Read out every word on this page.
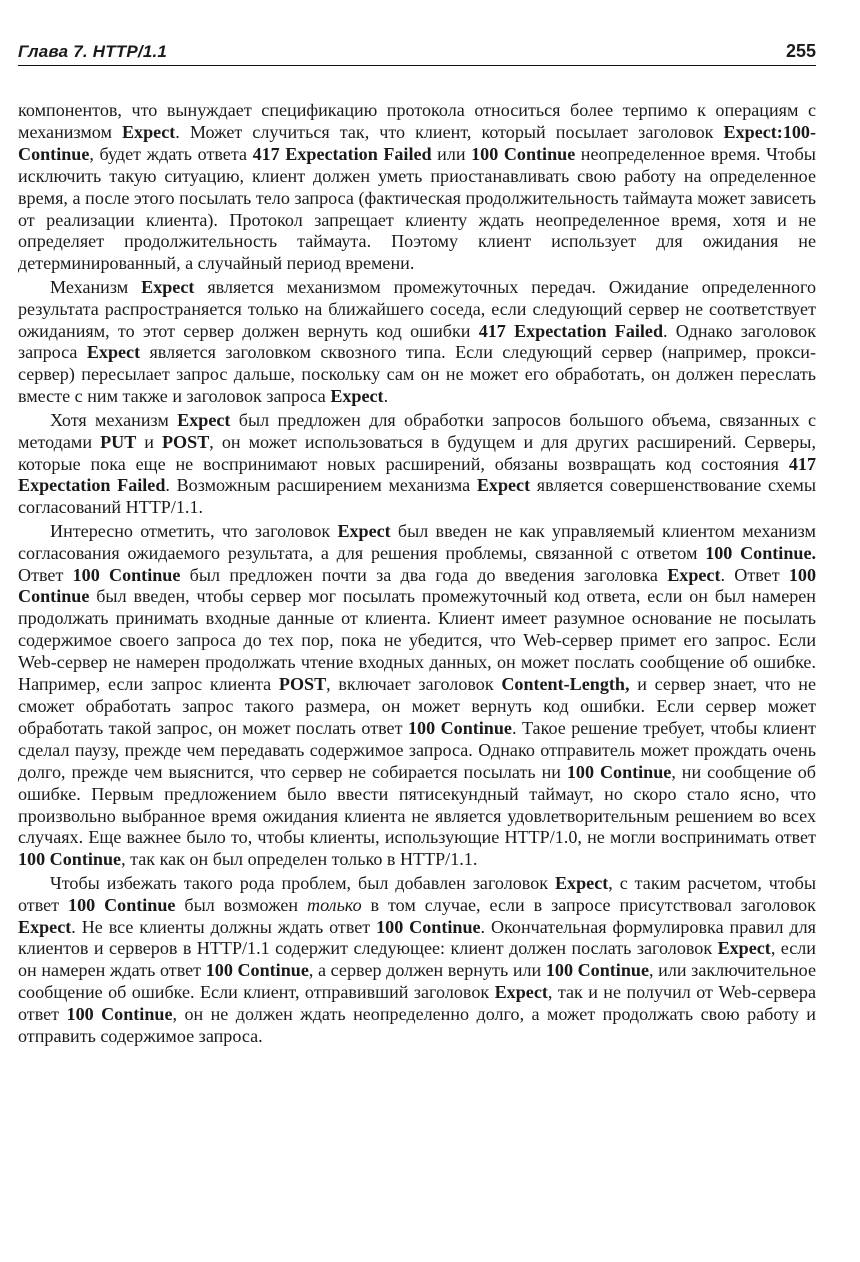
Глава 7. HTTP/1.1	255

компонентов, что вынуждает спецификацию протокола относиться более терпимо к операциям с механизмом Expect. Может случиться так, что клиент, который посылает заголовок Expect:100-Continue, будет ждать ответа 417 Expectation Failed или 100 Continue неопределенное время. Чтобы исключить такую ситуацию, клиент должен уметь приостанавливать свою работу на определенное время, а после этого посылать тело запроса (фактическая продолжительность таймаута может зависеть от реализации клиента). Протокол запрещает клиенту ждать неопределенное время, хотя и не определяет продолжительность таймаута. Поэтому клиент использует для ожидания не детерминированный, а случайный период времени.

Механизм Expect является механизмом промежуточных передач. Ожидание определенного результата распространяется только на ближайшего соседа, если следующий сервер не соответствует ожиданиям, то этот сервер должен вернуть код ошибки 417 Expectation Failed. Однако заголовок запроса Expect является заголовком сквозного типа. Если следующий сервер (например, прокси-сервер) пересылает запрос дальше, поскольку сам он не может его обработать, он должен переслать вместе с ним также и заголовок запроса Expect.

Хотя механизм Expect был предложен для обработки запросов большого объема, связанных с методами PUT и POST, он может использоваться в будущем и для других расширений. Серверы, которые пока еще не воспринимают новых расширений, обязаны возвращать код состояния 417 Expectation Failed. Возможным расширением механизма Expect является совершенствование схемы согласований HTTP/1.1.

Интересно отметить, что заголовок Expect был введен не как управляемый клиентом механизм согласования ожидаемого результата, а для решения проблемы, связанной с ответом 100 Continue. Ответ 100 Continue был предложен почти за два года до введения заголовка Expect. Ответ 100 Continue был введен, чтобы сервер мог посылать промежуточный код ответа, если он был намерен продолжать принимать входные данные от клиента. Клиент имеет разумное основание не посылать содержимое своего запроса до тех пор, пока не убедится, что Web-сервер примет его запрос. Если Web-сервер не намерен продолжать чтение входных данных, он может послать сообщение об ошибке. Например, если запрос клиента POST, включает заголовок Content-Length, и сервер знает, что не сможет обработать запрос такого размера, он может вернуть код ошибки. Если сервер может обработать такой запрос, он может послать ответ 100 Continue. Такое решение требует, чтобы клиент сделал паузу, прежде чем передавать содержимое запроса. Однако отправитель может прождать очень долго, прежде чем выяснится, что сервер не собирается посылать ни 100 Continue, ни сообщение об ошибке. Первым предложением было ввести пятисекундный таймаут, но скоро стало ясно, что произвольно выбранное время ожидания клиента не является удовлетворительным решением во всех случаях. Еще важнее было то, чтобы клиенты, использующие HTTP/1.0, не могли воспринимать ответ 100 Continue, так как он был определен только в HTTP/1.1.

Чтобы избежать такого рода проблем, был добавлен заголовок Expect, с таким расчетом, чтобы ответ 100 Continue был возможен только в том случае, если в запросе присутствовал заголовок Expect. Не все клиенты должны ждать ответ 100 Continue. Окончательная формулировка правил для клиентов и серверов в HTTP/1.1 содержит следующее: клиент должен послать заголовок Expect, если он намерен ждать ответ 100 Continue, а сервер должен вернуть или 100 Continue, или заключительное сообщение об ошибке. Если клиент, отправивший заголовок Expect, так и не получил от Web-сервера ответ 100 Continue, он не должен ждать неопределенно долго, а может продолжать свою работу и отправить содержимое запроса.
